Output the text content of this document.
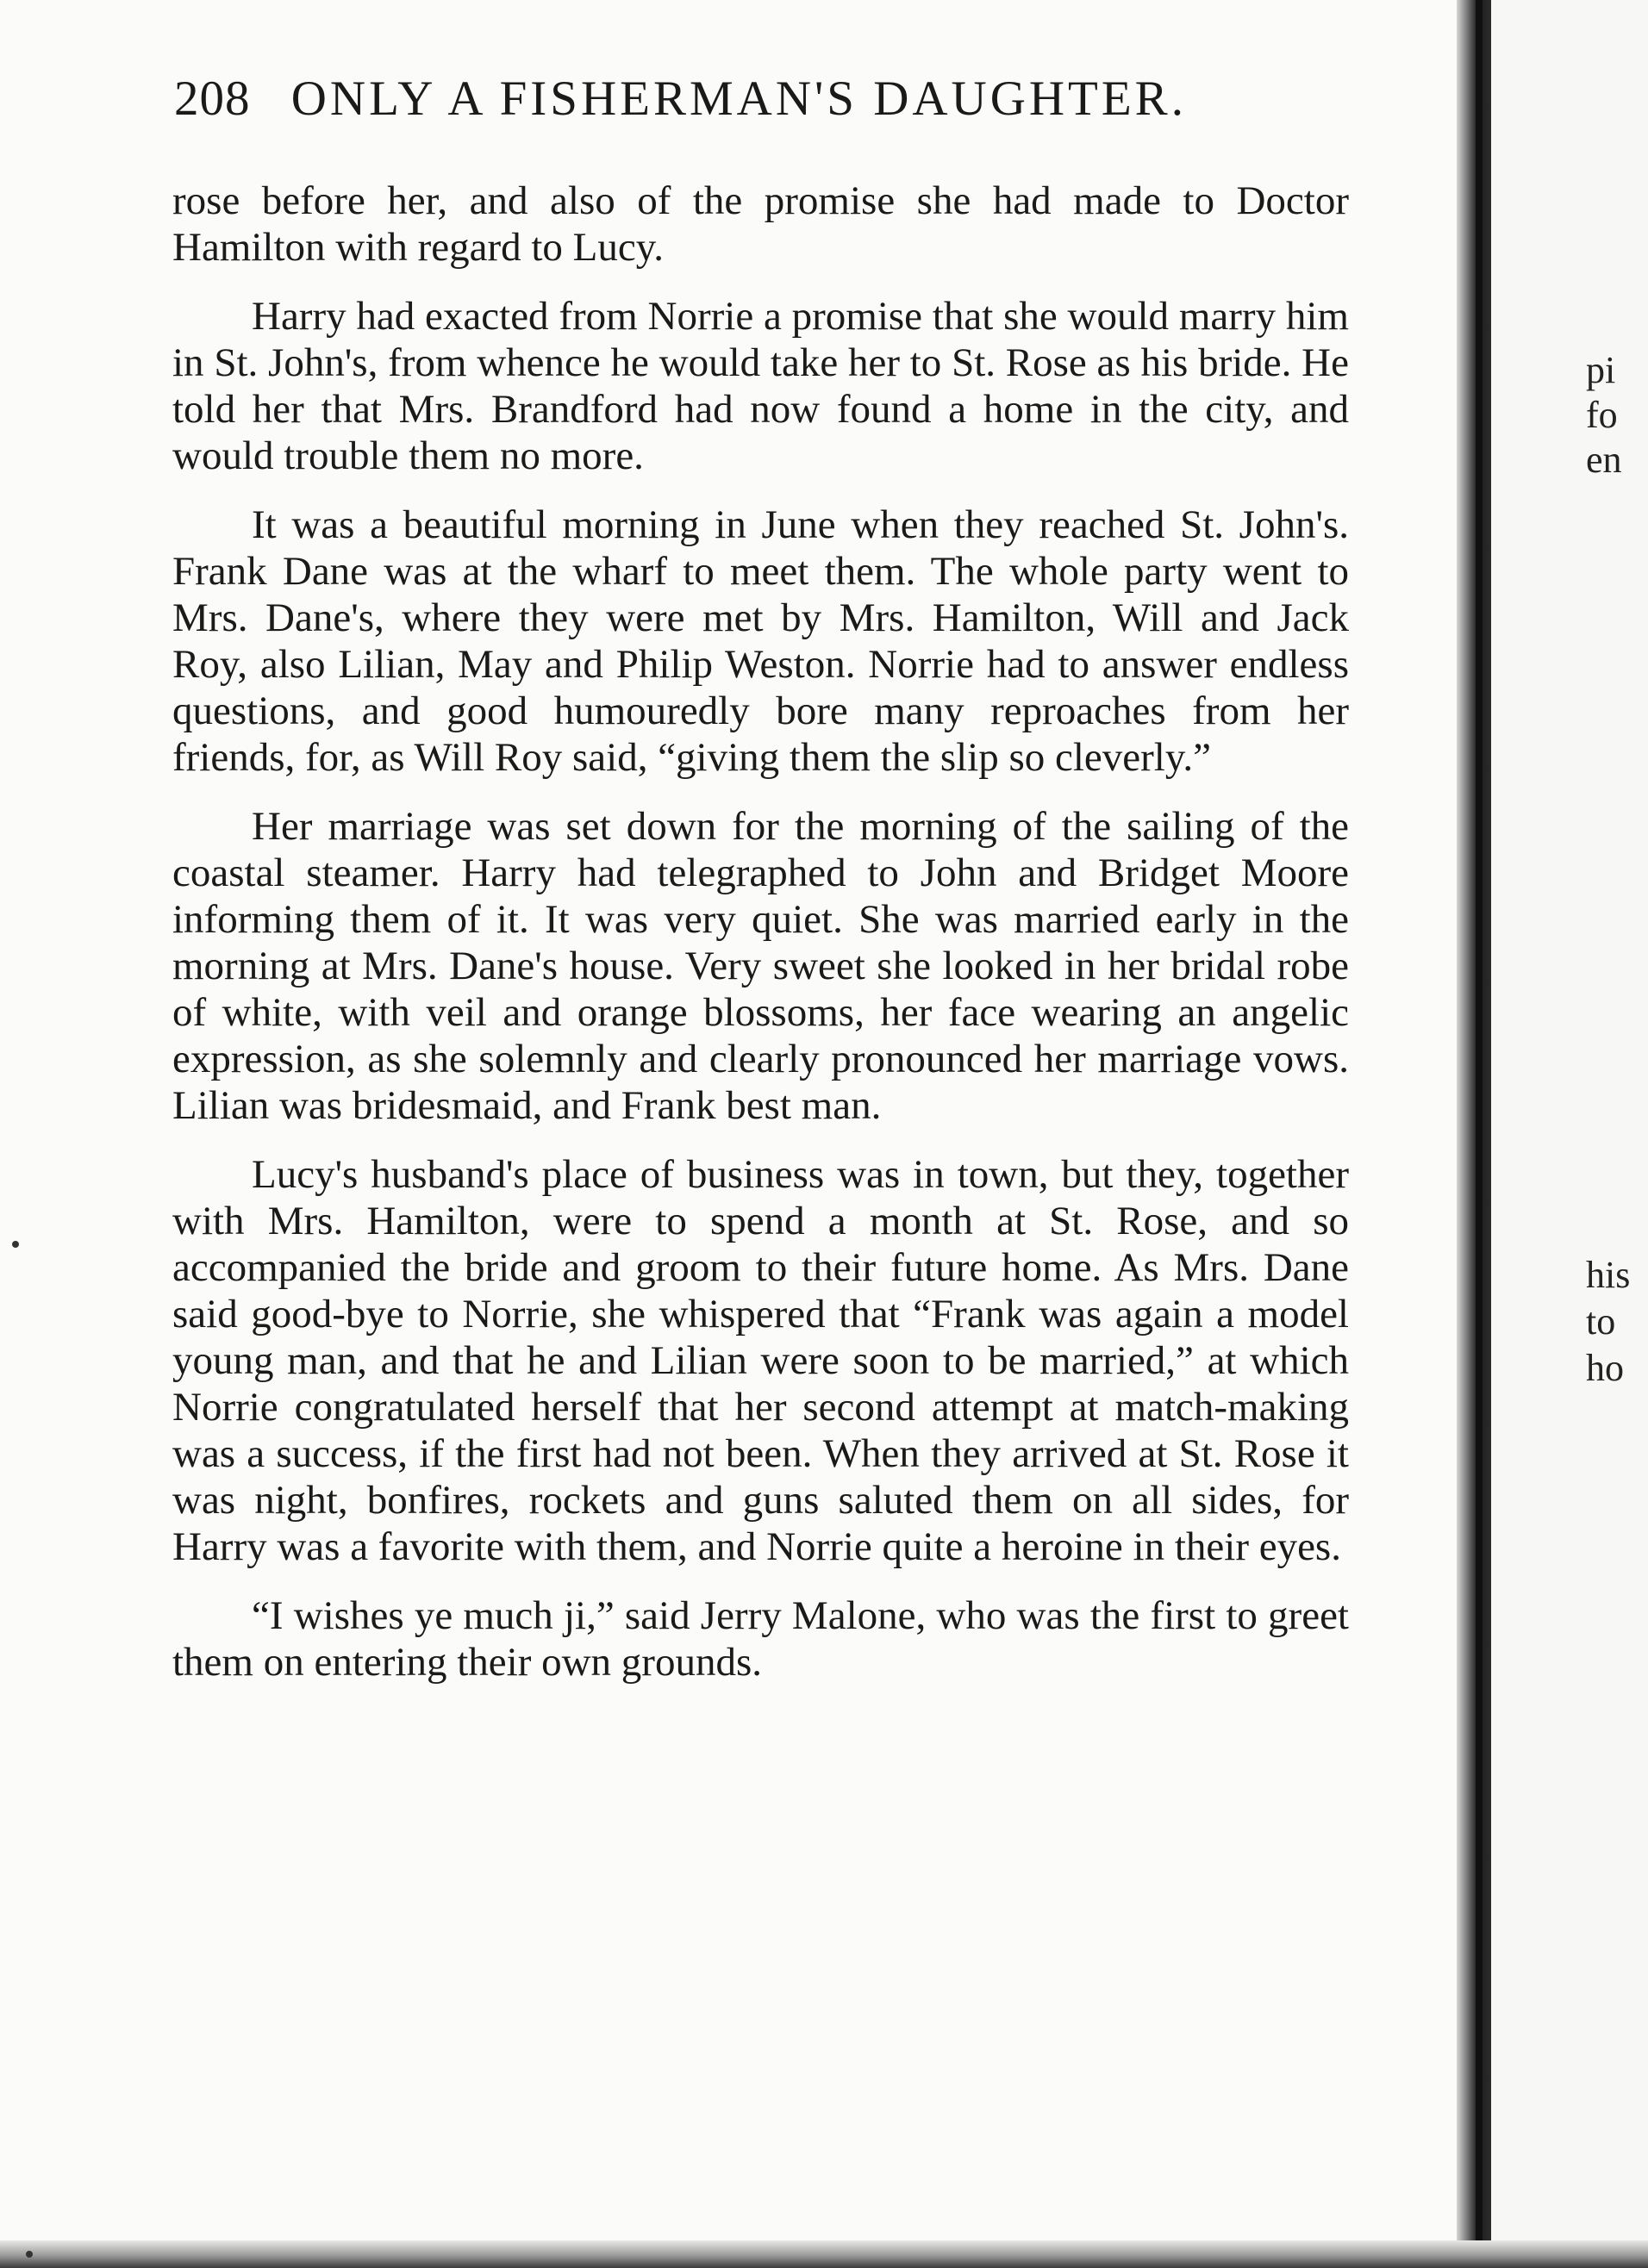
208 ONLY A FISHERMAN'S DAUGHTER.

rose before her, and also of the promise she had made to Doctor Hamilton with regard to Lucy.

Harry had exacted from Norrie a promise that she would marry him in St. John's, from whence he would take her to St. Rose as his bride. He told her that Mrs. Brandford had now found a home in the city, and would trouble them no more.

It was a beautiful morning in June when they reached St. John's. Frank Dane was at the wharf to meet them. The whole party went to Mrs. Dane's, where they were met by Mrs. Hamilton, Will and Jack Roy, also Lilian, May and Philip Weston. Norrie had to answer endless questions, and good humouredly bore many reproaches from her friends, for, as Will Roy said, “giving them the slip so cleverly.”

Her marriage was set down for the morning of the sailing of the coastal steamer. Harry had telegraphed to John and Bridget Moore informing them of it. It was very quiet. She was married early in the morning at Mrs. Dane's house. Very sweet she looked in her bridal robe of white, with veil and orange blossoms, her face wearing an angelic expression, as she solemnly and clearly pronounced her marriage vows. Lilian was bridesmaid, and Frank best man.

Lucy's husband's place of business was in town, but they, together with Mrs. Hamilton, were to spend a month at St. Rose, and so accompanied the bride and groom to their future home. As Mrs. Dane said good-bye to Norrie, she whispered that “Frank was again a model young man, and that he and Lilian were soon to be married,” at which Norrie congratulated herself that her second attempt at match-making was a success, if the first had not been. When they arrived at St. Rose it was night, bonfires, rockets and guns saluted them on all sides, for Harry was a favorite with them, and Norrie quite a heroine in their eyes.

“I wishes ye much ji,” said Jerry Malone, who was the first to greet them on entering their own grounds.

pi
fo
en
his
to
ho
